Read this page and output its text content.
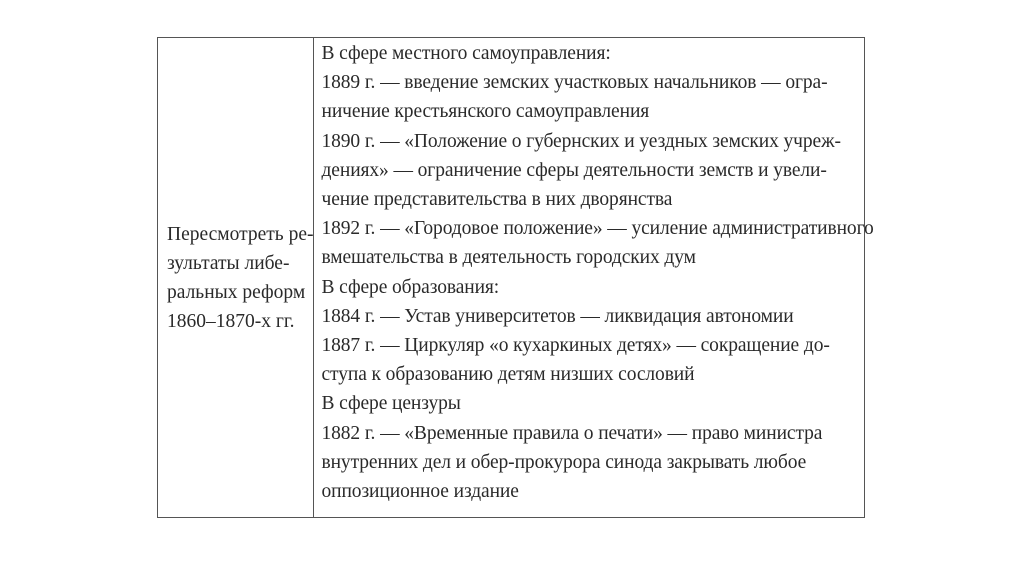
Пересмотреть ре-
зультаты либе-
ральных реформ
1860–1870-х гг.
В сфере местного самоуправления:
1889 г. — введение земских участковых начальников — огра-
ничение крестьянского самоуправления
1890 г. — «Положение о губернских и уездных земских учреж-
дениях» — ограничение сферы деятельности земств и увели-
чение представительства в них дворянства
1892 г. — «Городовое положение» — усиление административного
вмешательства в деятельность городских дум
В сфере образования:
1884 г. — Устав университетов — ликвидация автономии
1887 г. — Циркуляр «о кухаркиных детях» — сокращение до-
ступа к образованию детям низших сословий
В сфере цензуры
1882 г. — «Временные правила о печати» — право министра
внутренних дел и обер-прокурора синода закрывать любое
оппозиционное издание
